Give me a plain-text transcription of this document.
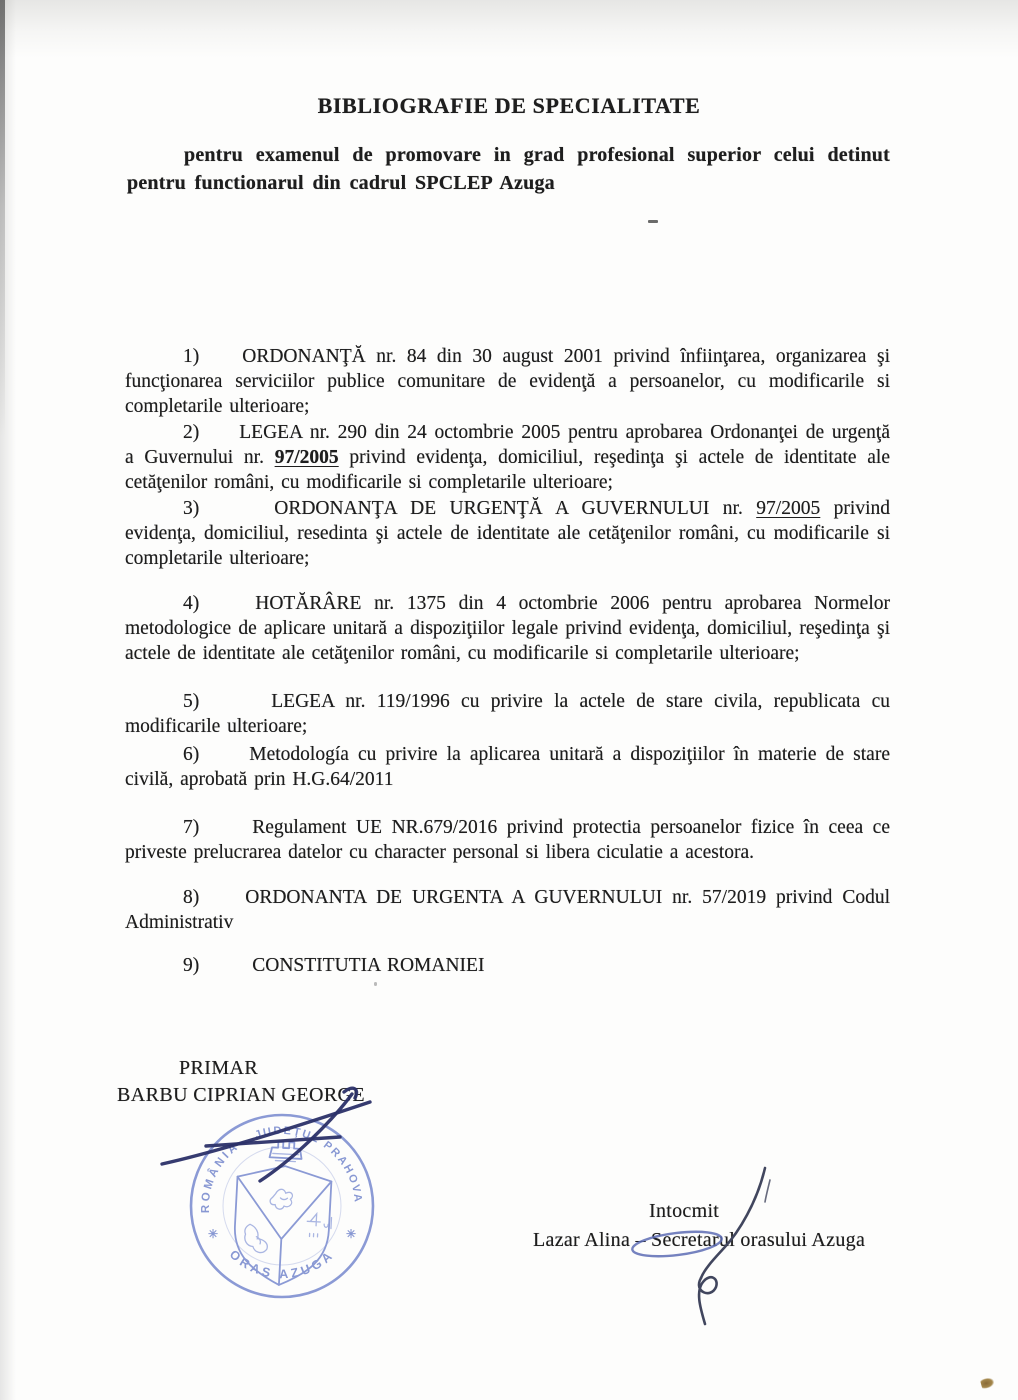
BIBLIOGRAFIE DE SPECIALITATE

pentru examenul de promovare in grad profesional superior celui detinut pentru functionarul din cadrul SPCLEP Azuga

1) ORDONANŢĂ nr. 84 din 30 august 2001 privind înfiinţarea, organizarea şi funcţionarea serviciilor publice comunitare de evidenţă a persoanelor, cu modificarile si completarile ulterioare;

2) LEGEA nr. 290 din 24 octombrie 2005 pentru aprobarea Ordonanţei de urgenţă a Guvernului nr. 97/2005 privind evidenţa, domiciliul, reşedinţa şi actele de identitate ale cetăţenilor români, cu modificarile si completarile ulterioare;

3)	ORDONANŢA DE URGENŢĂ A GUVERNULUI nr. 97/2005 privind evidenţa, domiciliul, resedinta şi actele de identitate ale cetăţenilor români, cu modificarile si completarile ulterioare;

4)	HOTĂRÂRE nr. 1375 din 4 octombrie 2006 pentru aprobarea Normelor metodologice de aplicare unitară a dispoziţiilor legale privind evidenţa, domiciliul, reşedinţa şi actele de identitate ale cetăţenilor români, cu modificarile si completarile ulterioare;

5)	LEGEA nr. 119/1996 cu privire la actele de stare civila, republicata cu modificarile ulterioare;

6)	Metodología cu privire la aplicarea unitară a dispoziţiilor în materie de stare civilă, aprobată prin H.G.64/2011

7)	Regulament UE NR.679/2016 privind protectia persoanelor fizice în ceea ce priveste prelucrarea datelor cu character personal si libera ciculatie a acestora.

8) ORDONANTA DE URGENTA A GUVERNULUI nr. 57/2019 privind Codul Administrativ

9)	CONSTITUTIA ROMANIEI

PRIMAR
BARBU CIPRIAN GEORGE
ROMÂNIA
JUDEŢUL PRAHOVA
ORAS AZUGA
✳	✳
Intocmit
Lazar Alina – Secretarul orasului Azuga
